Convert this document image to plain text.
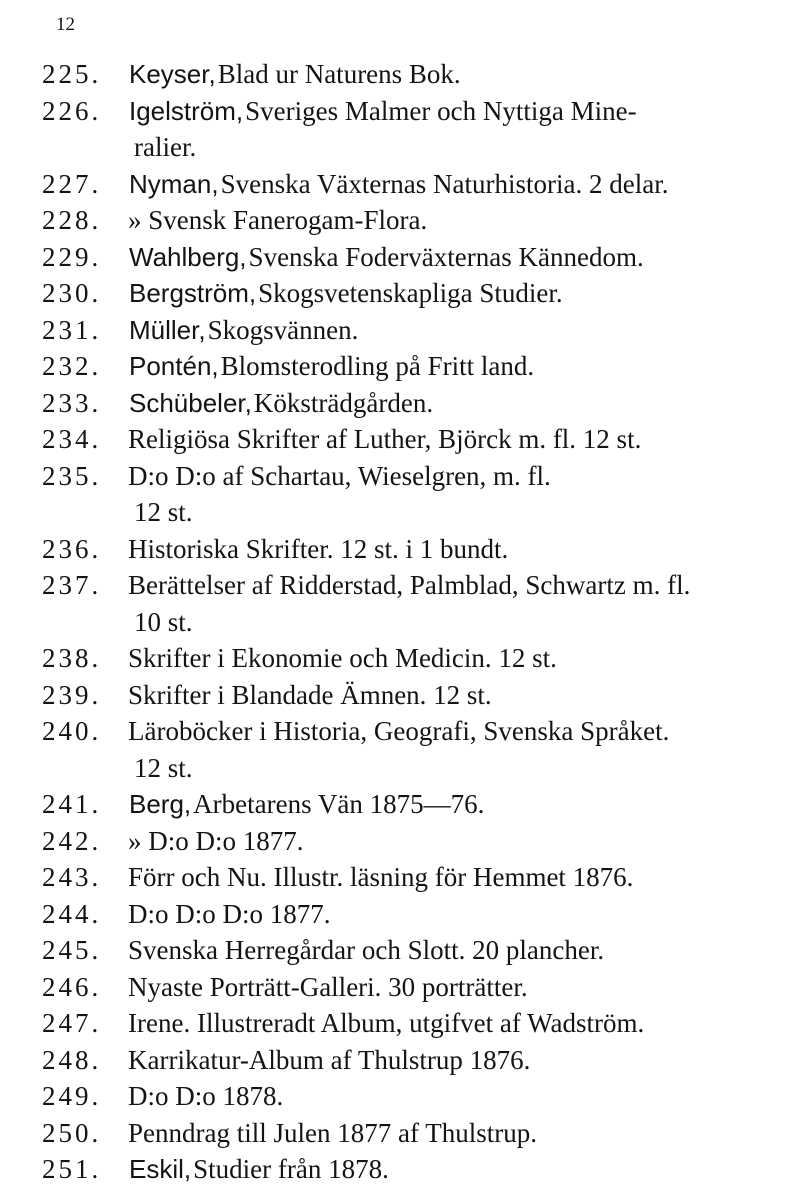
12
225. Keyser,Blad ur Naturens Bok.
226. Igelström,Sveriges Malmer och Nyttiga Mine-
ralier.
227. Nyman,Svenska Växternas Naturhistoria. 2 delar.
228. » Svensk Fanerogam-Flora.
229. Wahlberg,Svenska Foderväxternas Kännedom.
230. Bergström,Skogsvetenskapliga Studier.
231. Müller,Skogsvännen.
232. Pontén,Blomsterodling på Fritt land.
233. Schübeler,Köksträdgården.
234. Religiösa Skrifter af Luther, Björck m. fl. 12 st.
235. D:o D:o af Schartau, Wieselgren, m. fl.
12 st.
236. Historiska Skrifter. 12 st. i 1 bundt.
237. Berättelser af Ridderstad, Palmblad, Schwartz m. fl.
10 st.
238. Skrifter i Ekonomie och Medicin. 12 st.
239. Skrifter i Blandade Ämnen. 12 st.
240. Läroböcker i Historia, Geografi, Svenska Språket.
12 st.
241. Berg,Arbetarens Vän 1875—76.
242. » D:o D:o 1877.
243. Förr och Nu. Illustr. läsning för Hemmet 1876.
244. D:o D:o D:o 1877.
245. Svenska Herregårdar och Slott. 20 plancher.
246. Nyaste Porträtt-Galleri. 30 porträtter.
247. Irene. Illustreradt Album, utgifvet af Wadström.
248. Karrikatur-Album af Thulstrup 1876.
249. D:o D:o 1878.
250. Penndrag till Julen 1877 af Thulstrup.
251. Eskil,Studier från 1878.
